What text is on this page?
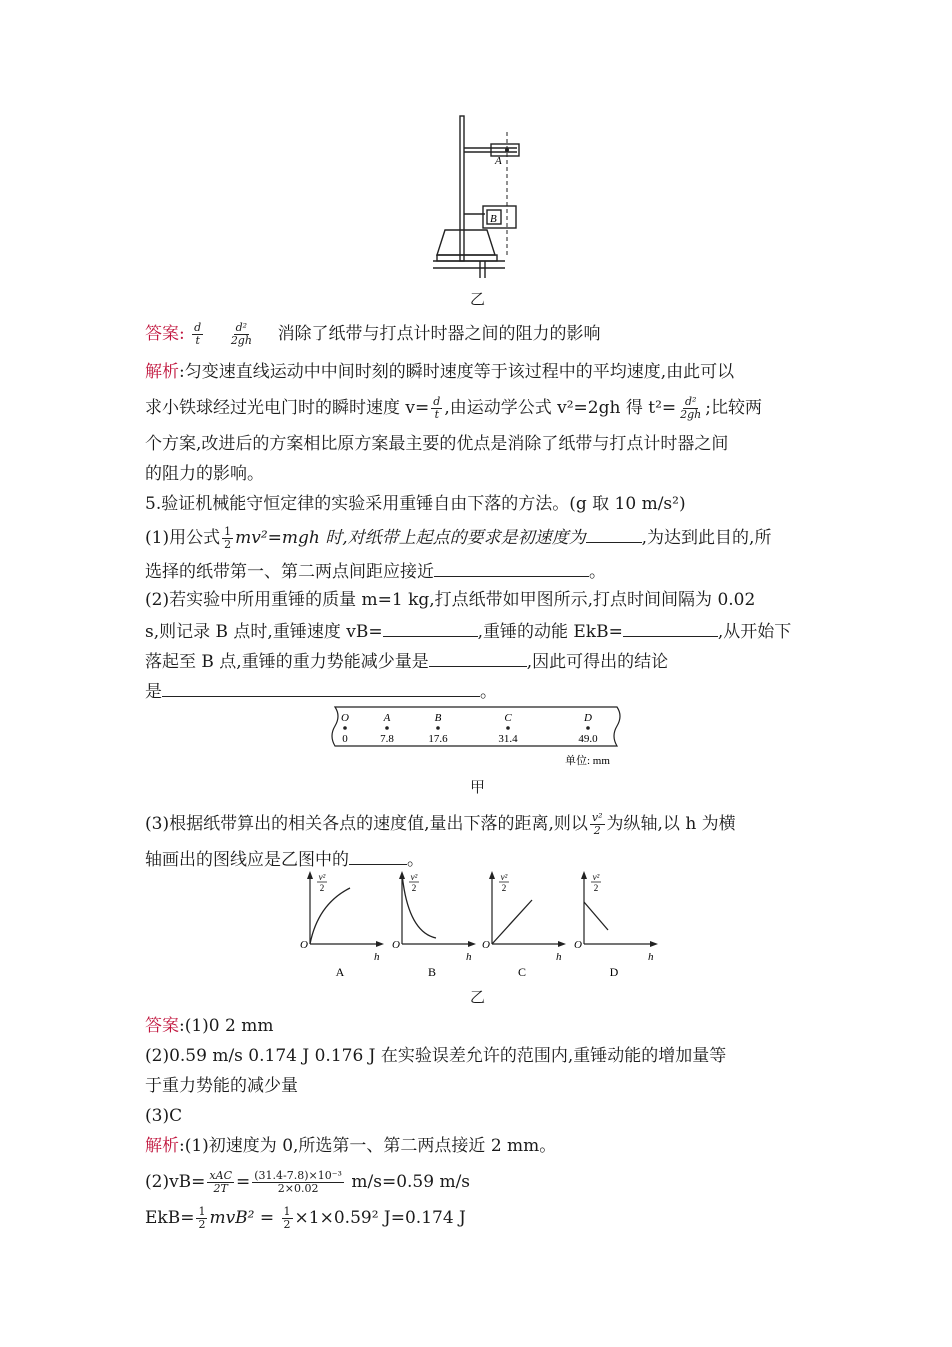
A
B
乙
答案: $\frac{d}{t}$
$\frac{\text{d²}}{2gh}$ 消除了纸带与打点计时器之间的阻力的影响
解析:匀变速直线运动中中间时刻的瞬时速度等于该过程中的平均速度,由此可以
求小铁球经过光电门时的瞬时速度 $v= \frac{d}{t}$ ,由运动学公式 v²=2gh 得 $t^2= \frac{\text{d²}}{2gh}$ ;比较两
个方案,改进后的方案相比原方案最主要的优点是消除了纸带与打点计时器之间
的阻力的影响。
5.验证机械能守恒定律的实验采用重锤自由下落的方法。(g 取 10 m/s²)
(1)用公式 $\frac{1}{2} mv^2=mgh$ 时,对纸带上起点的要求是初速度为	,为达到此目的,所
选择的纸带第一、第二两点间距应接近	。
(2)若实验中所用重锤的质量 m=1 kg,打点纸带如甲图所示,打点时间间隔为 0.02
s,则记录 B 点时,重锤速度 vB=	,重锤的动能 EkB=	,从开始下
落起至 B 点,重锤的重力势能减少量是	,因此可得出的结论
是	。
O
0
A
7.8
B
17.6
C
31.4
D
49.0
单位: mm
甲
(3)根据纸带算出的相关各点的速度值,量出下落的距离,则以 $\frac{\text{v²}}{2}$ 为纵轴,以 h 为横
轴画出的图线应是乙图中的	。
v²
2
O
h
A
v²
2
O
h
B
v²
2
O
h
C
v²
2
O
h
D
乙
答案:(1)0 2 mm
(2)0.59 m/s 0.174 J 0.176 J 在实验误差允许的范围内,重锤动能的增加量等
于重力势能的减少量
(3)C
解析:(1)初速度为 0,所选第一、第二两点接近 2 mm。
$(2)vB= \frac{\text{xAC}}{2T} = \frac{\text{(31.4-7.8)×10⁻³}}{2\times 0.02} m/s=0.59$ m/s
$EkB= \frac{1}{2} mvB^2 = \frac{1}{2} \times 1\times 0.59^2$ J=0.174 J
